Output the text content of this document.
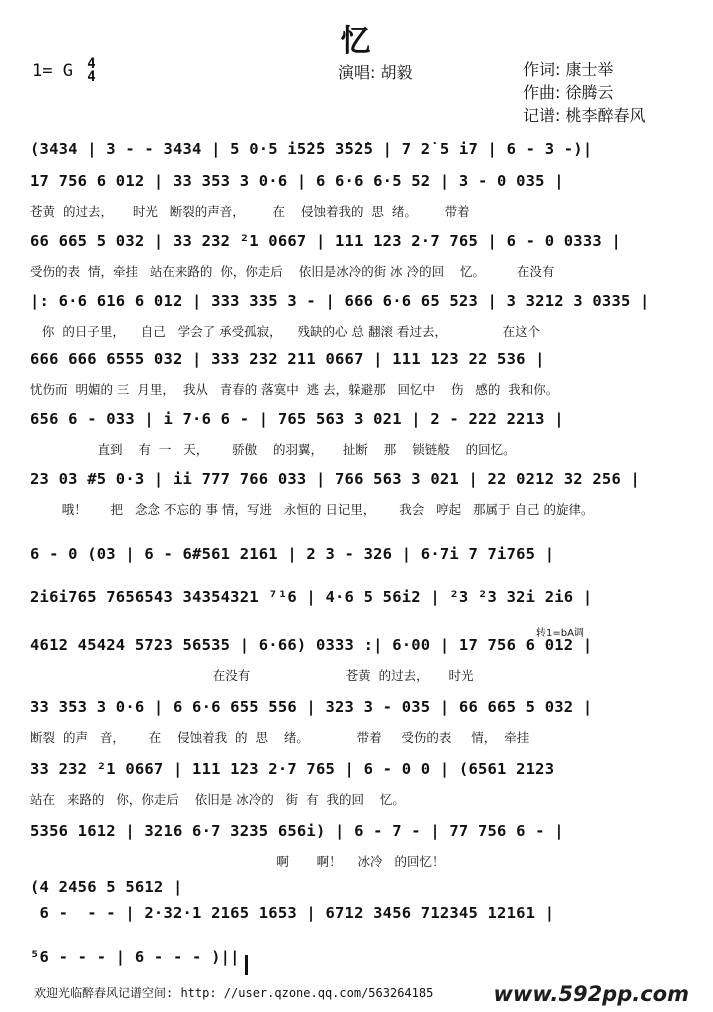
忆
1= G 4
4	演唱: 胡毅	作词: 康士举
作曲: 徐腾云
记谱: 桃李醉春风
(3434 | 3 - - 3434 | 5 0·5 i5̇2̇5 3̇5̇2̇5 | 7 2̇ 5 i7 | 6 - 3 -)|
17 756 6 012 | 33 353 3 0·6 | 6 6·6 6·5 52 | 3 - 0 035 |
苍黄  的过去，     时光   断裂的声音，       在    侵蚀着我的  思  绪。       带着
66 665 5 032 | 33 232 ²1 0667 | 111 123 2·7 765 | 6 - 0 0333 |
受伤的表  情，牵挂   站在来路的  你，你走后    依旧是冰冷的街 冰 冷的回    忆。        在没有
|: 6·6 616 6 012 | 333 335 3 - | 666 6·6 65 523 | 3 3212 3 0335 |
你  的日子里，    自己   学会了 承受孤寂，    残缺的心 总 翻滚 看过去，              在这个
666 666 6555 032 | 333 232 211 0667 | 111 123 22 536 |
忧伤而  明媚的 三  月里，  我从   青春的 落寞中  逃 去，躲避那   回忆中    伤   感的  我和你。
656 6 - 033 | i 7·6 6 - | 765 563 3 021 | 2 - 222 2213 |
直到    有  一   天，      骄傲    的羽翼，     扯断    那    锁链般    的回忆。
23 03 #5 0·3 | ii 777 766 033 | 766 563 3 021 | 22 0212 32 256 |
哦！      把   念念 不忘的 事 情，写进   永恒的 日记里，      我会   哼起   那属于 自己 的旋律。
6 - 0 (03 | 6 - 6#561 2161 | 2 3 - 326 | 6·7i 7 7i765 |
2i6i765 7656543 34354321 ⁷¹6 | 4·6 5 56i2 | ²3 ²3 32i 2i6 |
4612 45424 5723 56535 | 6·66) 0333 :| 6·00 | 17 756 6 012 |
在没有                        苍黄  的过去，     时光
33 353 3 0·6 | 6 6·6 655 556 | 323 3 - 035 | 66 665 5 032 |
断裂  的声   音，      在    侵蚀着我  的  思    绪。            带着     受伤的表     情，  牵挂
33 232 ²1 0667 | 111 123 2·7 765 | 6 - 0 0 | (6561 2123
站在   来路的   你，你走后    依旧是 冰冷的   街  有  我的回    忆。
5356 1612 | 3216 6·7 3235 656i) | 6 - 7 - | 77 756 6 - |
啊       啊！    冰冷   的回忆！
(4 2456 5 5612 |
6 -  - - | 2·32·1 2165 1653 | 6712 3456 712345 12161 |
⁵6 - - - | 6 - - - )||
转1=bA调
欢迎光临醉春风记谱空间: http: //user.qzone.qq.com/563264185	www.592pp.com
